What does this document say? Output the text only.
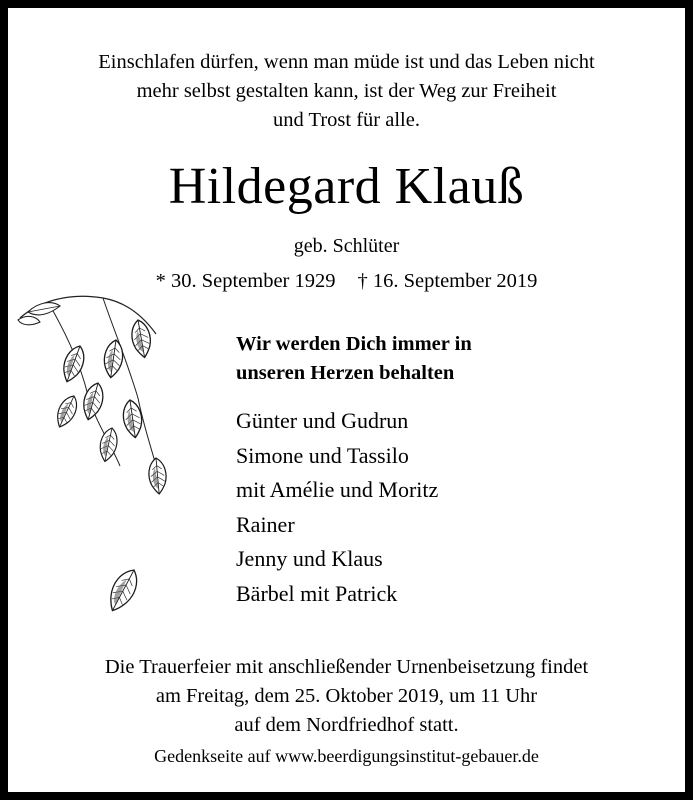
Einschlafen dürfen, wenn man müde ist und das Leben nicht
mehr selbst gestalten kann, ist der Weg zur Freiheit
und Trost für alle.
Hildegard Klauß
geb. Schlüter
* 30. September 1929 † 16. September 2019
Wir werden Dich immer in
unseren Herzen behalten
Günter und Gudrun
Simone und Tassilo
mit Amélie und Moritz
Rainer
Jenny und Klaus
Bärbel mit Patrick
Die Trauerfeier mit anschließender Urnenbeisetzung findet
am Freitag, dem 25. Oktober 2019, um 11 Uhr
auf dem Nordfriedhof statt.
Gedenkseite auf www.beerdigungsinstitut-gebauer.de
